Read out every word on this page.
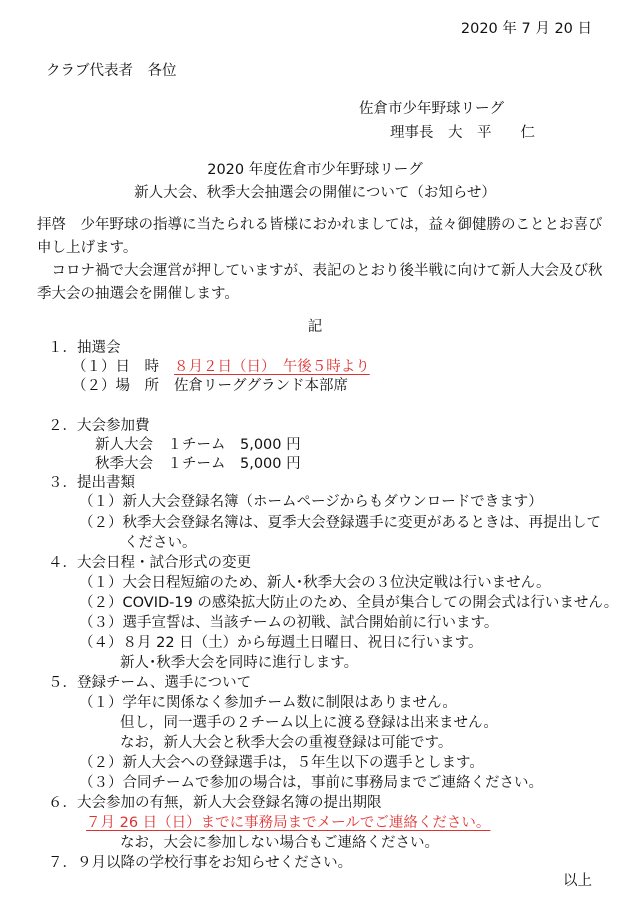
2020 年 7 月 20 日
クラブ代表者　各位
佐倉市少年野球リーグ
理事長　大　平　　仁
2020 年度佐倉市少年野球リーグ
新人大会、秋季大会抽選会の開催について（お知らせ）
拝啓　少年野球の指導に当たられる皆様におかれましては，益々御健勝のこととお喜び
申し上げます。
　コロナ禍で大会運営が押していますが、表記のとおり後半戦に向けて新人大会及び秋
季大会の抽選会を開催します。
記
１．抽選会
（１）日　時 ８月２日（日）　午後５時より
（２）場　所 佐倉リーググランド本部席
２．大会参加費
新人大会　１チーム　5,000 円
秋季大会　１チーム　5,000 円
３．提出書類
（１）新人大会登録名簿（ホームページからもダウンロードできます）
（２）秋季大会登録名簿は、夏季大会登録選手に変更があるときは、再提出して
ください。
４．大会日程・試合形式の変更
（１）大会日程短縮のため、新人･秋季大会の３位決定戦は行いません。
（２）COVID-19 の感染拡大防止のため、全員が集合しての開会式は行いません。
（３）選手宣誓は、当該チームの初戦、試合開始前に行います。
（４）８月 22 日（土）から毎週土日曜日、祝日に行います。
新人･秋季大会を同時に進行します。
５．登録チーム、選手について
（１）学年に関係なく参加チーム数に制限はありません。
但し，同一選手の２チーム以上に渡る登録は出来ません。
なお，新人大会と秋季大会の重複登録は可能です。
（２）新人大会への登録選手は，５年生以下の選手とします。
（３）合同チームで参加の場合は，事前に事務局までご連絡ください。
６．大会参加の有無，新人大会登録名簿の提出期限
７月 26 日（日）までに事務局までメールでご連絡ください。
なお，大会に参加しない場合もご連絡ください。
７．９月以降の学校行事をお知らせください。
以上
